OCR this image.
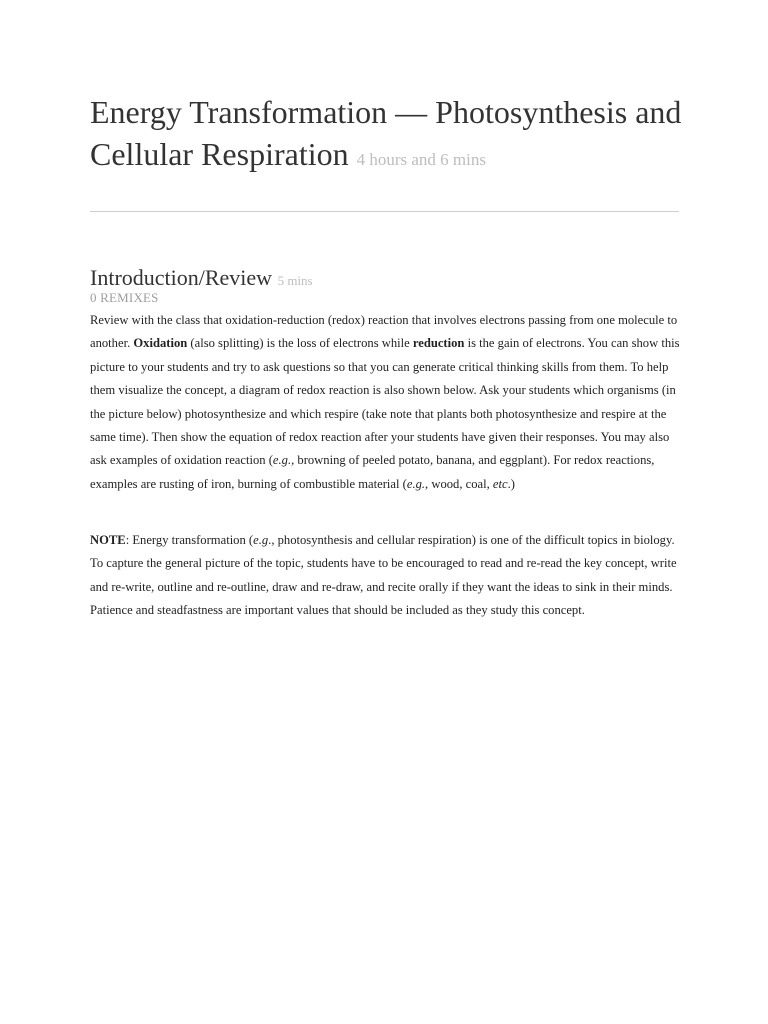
Energy Transformation — Photosynthesis and Cellular Respiration 4 hours and 6 mins
Introduction/Review 5 mins
0 REMIXES

Review with the class that oxidation-reduction (redox) reaction that involves electrons passing from one molecule to another. Oxidation (also splitting) is the loss of electrons while reduction is the gain of electrons. You can show this picture to your students and try to ask questions so that you can generate critical thinking skills from them. To help them visualize the concept, a diagram of redox reaction is also shown below. Ask your students which organisms (in the picture below) photosynthesize and which respire (take note that plants both photosynthesize and respire at the same time). Then show the equation of redox reaction after your students have given their responses. You may also ask examples of oxidation reaction (e.g., browning of peeled potato, banana, and eggplant). For redox reactions, examples are rusting of iron, burning of combustible material (e.g., wood, coal, etc.)

NOTE: Energy transformation (e.g., photosynthesis and cellular respiration) is one of the difficult topics in biology. To capture the general picture of the topic, students have to be encouraged to read and re-read the key concept, write and re-write, outline and re-outline, draw and re-draw, and recite orally if they want the ideas to sink in their minds. Patience and steadfastness are important values that should be included as they study this concept.
